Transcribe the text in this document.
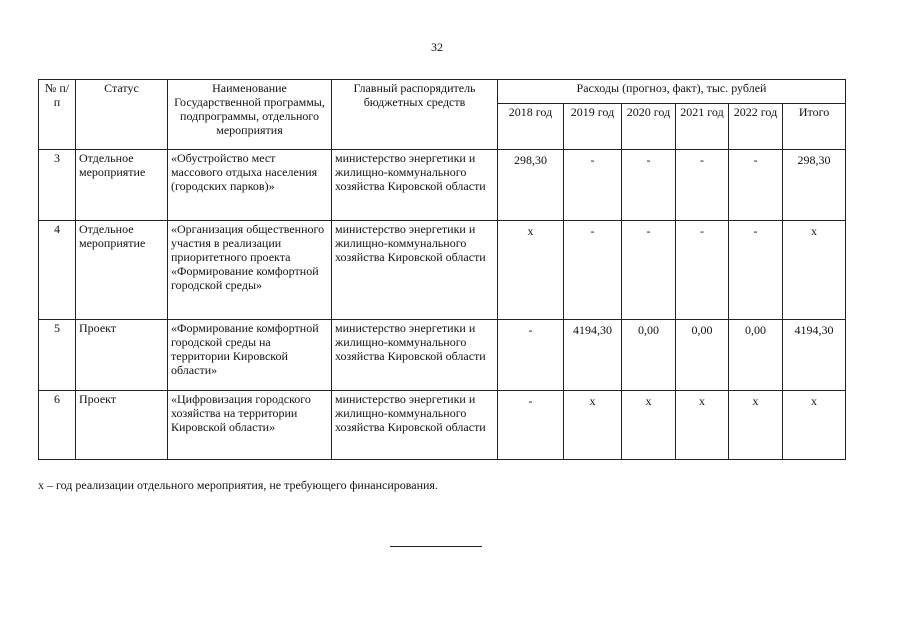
32
№ п/п	Статус	Наименование Государственной программы, подпрограммы, отдельного мероприятия	Главный распорядитель бюджетных средств	Расходы (прогноз, факт), тыс. рублей					
				2018 год	2019 год	2020 год	2021 год	2022 год	Итого
3	Отдельное мероприятие	«Обустройство мест массового отдыха населения (городских парков)»	министерство энергетики и жилищно-коммунального хозяйства Кировской области	298,30	-	-	-	-	298,30
4	Отдельное мероприятие	«Организация общественного участия в реализации приоритетного проекта «Формирование комфортной городской среды»	министерство энергетики и жилищно-коммунального хозяйства Кировской области	x	-	-	-	-	x
5	Проект	«Формирование комфортной городской среды на территории Кировской области»	министерство энергетики и жилищно-коммунального хозяйства Кировской области	-	4194,30	0,00	0,00	0,00	4194,30
6	Проект	«Цифровизация городского хозяйства на территории Кировской области»	министерство энергетики и жилищно-коммунального хозяйства Кировской области	-	x	x	x	x	x
x – год реализации отдельного мероприятия, не требующего финансирования.
